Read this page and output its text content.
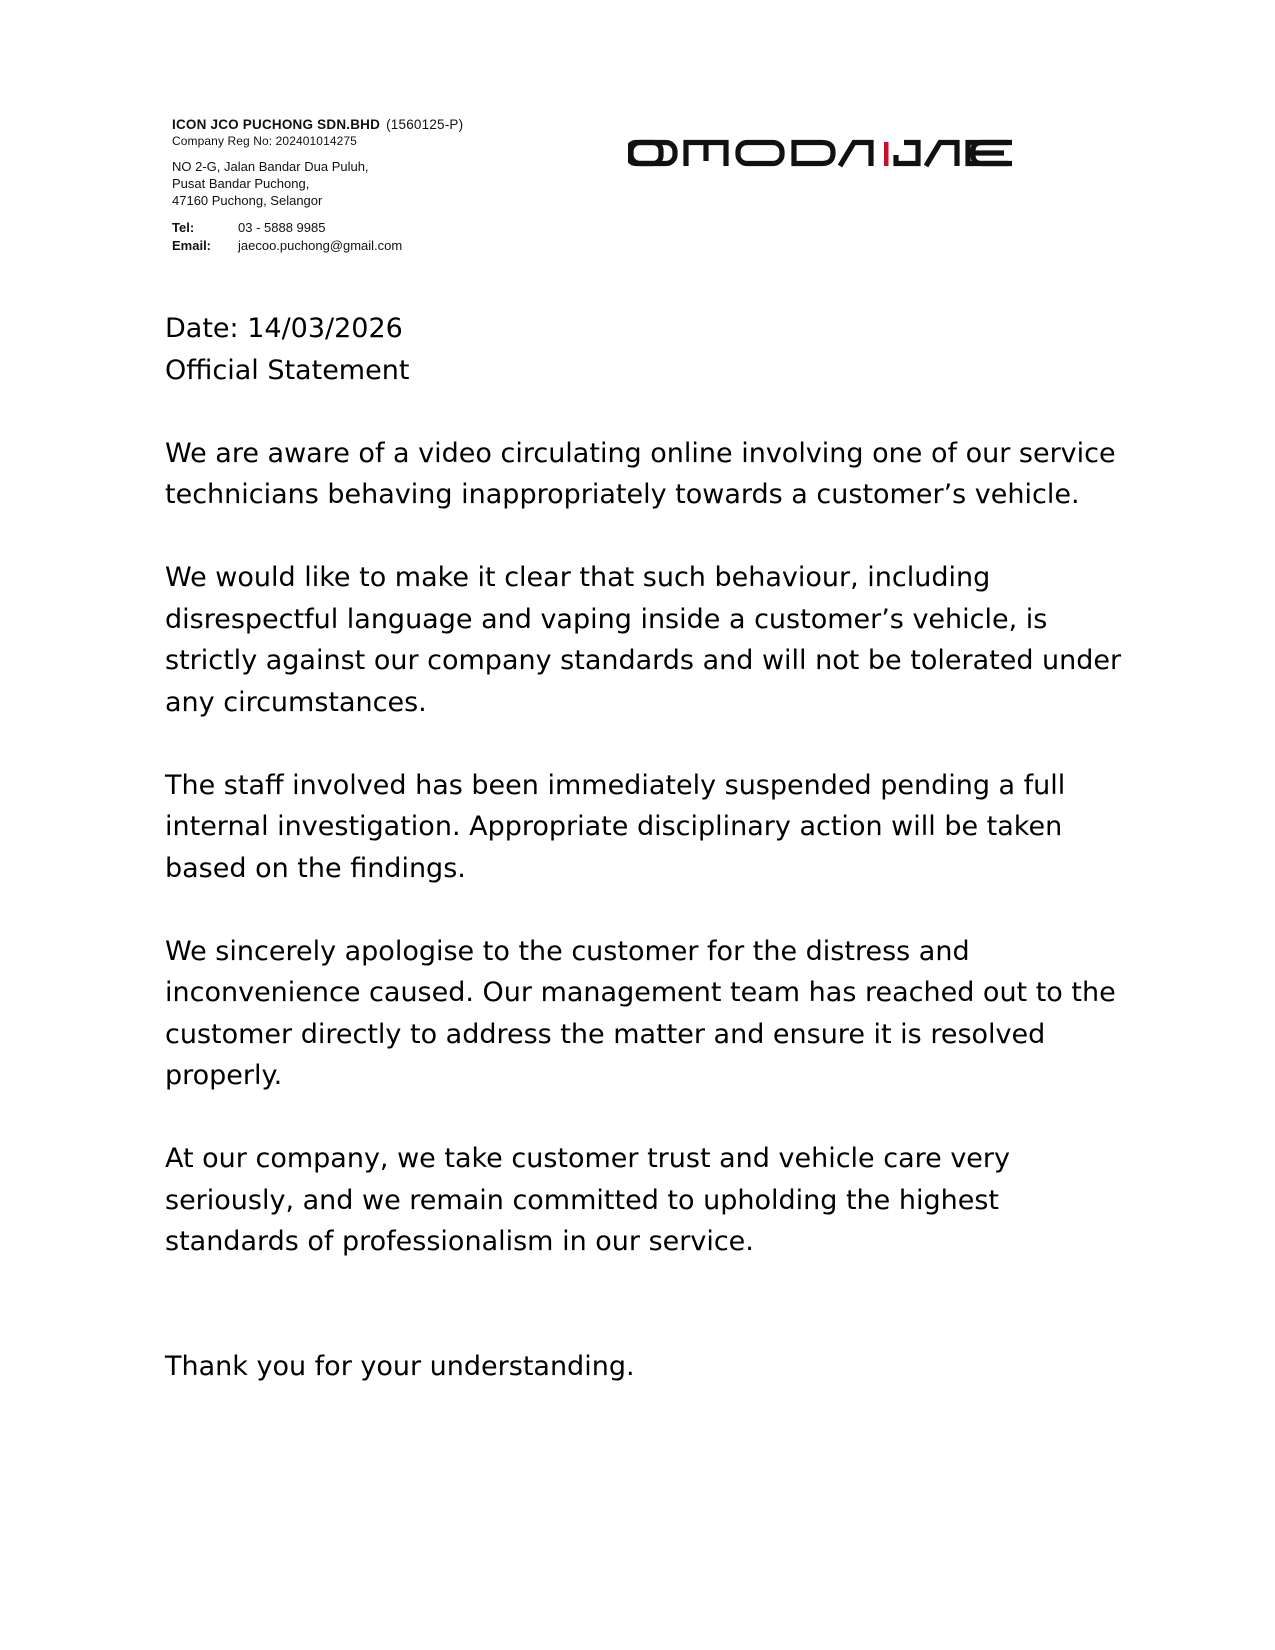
ICON JCO PUCHONG SDN.BHD (1560125-P)
Company Reg No: 202401014275
NO 2-G, Jalan Bandar Dua Puluh,
Pusat Bandar Puchong,
47160 Puchong, Selangor
Tel:	03 - 5888 9985
Email:	jaecoo.puchong@gmail.com
Date: 14/03/2026
Official Statement

We are aware of a video circulating online involving one of our service technicians behaving inappropriately towards a customer’s vehicle.

We would like to make it clear that such behaviour, including disrespectful language and vaping inside a customer’s vehicle, is strictly against our company standards and will not be tolerated under any circumstances.

The staff involved has been immediately suspended pending a full internal investigation. Appropriate disciplinary action will be taken based on the findings.

We sincerely apologise to the customer for the distress and inconvenience caused. Our management team has reached out to the customer directly to address the matter and ensure it is resolved properly.

At our company, we take customer trust and vehicle care very seriously, and we remain committed to upholding the highest standards of professionalism in our service.

Thank you for your understanding.
